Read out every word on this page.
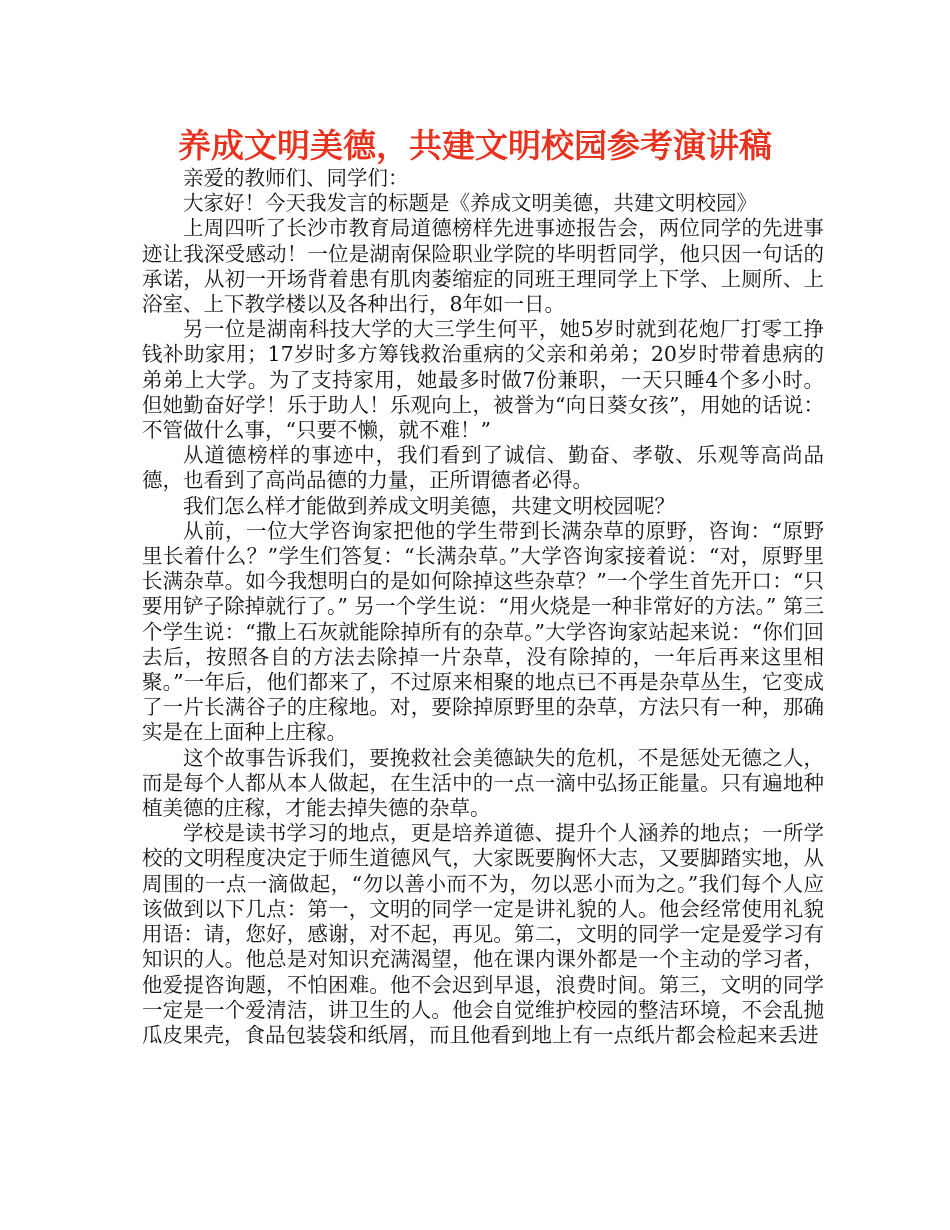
养成文明美德，共建文明校园参考演讲稿

亲爱的教师们、同学们：

大家好！今天我发言的标题是《养成文明美德，共建文明校园》

上周四听了长沙市教育局道德榜样先进事迹报告会，两位同学的先进事迹让我深受感动！一位是湖南保险职业学院的毕明哲同学，他只因一句话的承诺，从初一开场背着患有肌肉萎缩症的同班王理同学上下学、上厕所、上浴室、上下教学楼以及各种出行，8年如一日。

另一位是湖南科技大学的大三学生何平，她5岁时就到花炮厂打零工挣钱补助家用；17岁时多方筹钱救治重病的父亲和弟弟；20岁时带着患病的弟弟上大学。为了支持家用，她最多时做7份兼职，一天只睡4个多小时。但她勤奋好学！乐于助人！乐观向上，被誉为“向日葵女孩”，用她的话说：不管做什么事，“只要不懒，就不难！”

从道德榜样的事迹中，我们看到了诚信、勤奋、孝敬、乐观等高尚品德，也看到了高尚品德的力量，正所谓德者必得。

我们怎么样才能做到养成文明美德，共建文明校园呢？

从前，一位大学咨询家把他的学生带到长满杂草的原野，咨询：“原野里长着什么？”学生们答复：“长满杂草。”大学咨询家接着说：“对，原野里长满杂草。如今我想明白的是如何除掉这些杂草？”一个学生首先开口：“只要用铲子除掉就行了。” 另一个学生说：“用火烧是一种非常好的方法。” 第三个学生说：“撒上石灰就能除掉所有的杂草。”大学咨询家站起来说：“你们回去后，按照各自的方法去除掉一片杂草，没有除掉的，一年后再来这里相聚。”一年后，他们都来了，不过原来相聚的地点已不再是杂草丛生，它变成了一片长满谷子的庄稼地。对，要除掉原野里的杂草，方法只有一种，那确实是在上面种上庄稼。

这个故事告诉我们，要挽救社会美德缺失的危机，不是惩处无德之人，而是每个人都从本人做起，在生活中的一点一滴中弘扬正能量。只有遍地种植美德的庄稼，才能去掉失德的杂草。

学校是读书学习的地点，更是培养道德、提升个人涵养的地点；一所学校的文明程度决定于师生道德风气，大家既要胸怀大志，又要脚踏实地，从周围的一点一滴做起，“勿以善小而不为，勿以恶小而为之。”我们每个人应该做到以下几点：第一，文明的同学一定是讲礼貌的人。他会经常使用礼貌用语：请，您好，感谢，对不起，再见。第二，文明的同学一定是爱学习有知识的人。他总是对知识充满渴望，他在课内课外都是一个主动的学习者，他爱提咨询题，不怕困难。他不会迟到早退，浪费时间。第三，文明的同学一定是一个爱清洁，讲卫生的人。他会自觉维护校园的整洁环境，不会乱抛瓜皮果壳，食品包装袋和纸屑，而且他看到地上有一点纸片都会检起来丢进
